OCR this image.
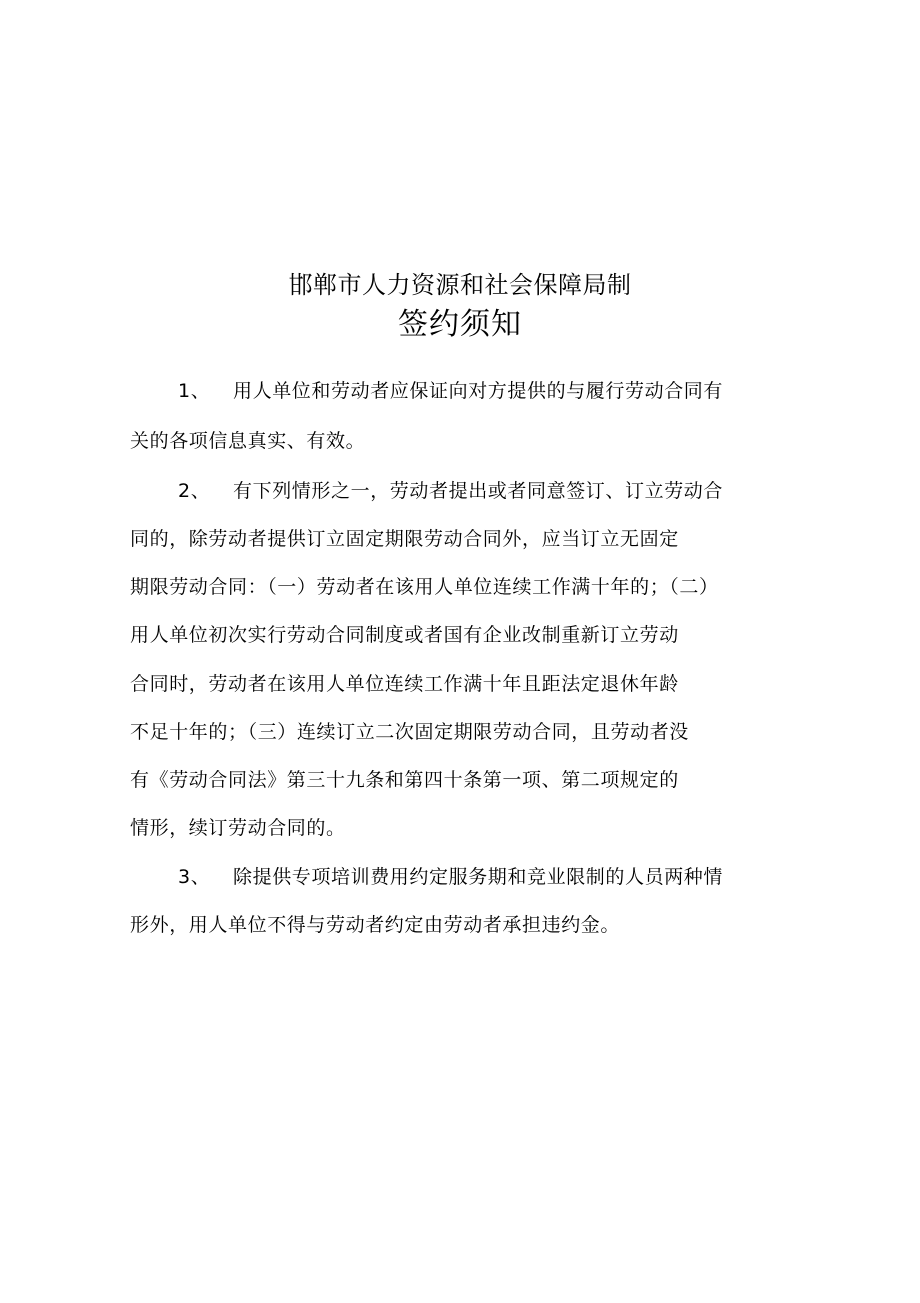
邯郸市人力资源和社会保障局制
签约须知
1、 用人单位和劳动者应保证向对方提供的与履行劳动合同有
关的各项信息真实、有效。
2、 有下列情形之一，劳动者提出或者同意签订、订立劳动合
同的，除劳动者提供订立固定期限劳动合同外，应当订立无固定
期限劳动合同：（一）劳动者在该用人单位连续工作满十年的；（二）
用人单位初次实行劳动合同制度或者国有企业改制重新订立劳动
合同时，劳动者在该用人单位连续工作满十年且距法定退休年龄
不足十年的；（三）连续订立二次固定期限劳动合同，且劳动者没
有《劳动合同法》第三十九条和第四十条第一项、第二项规定的
情形，续订劳动合同的。
3、 除提供专项培训费用约定服务期和竞业限制的人员两种情
形外，用人单位不得与劳动者约定由劳动者承担违约金。
